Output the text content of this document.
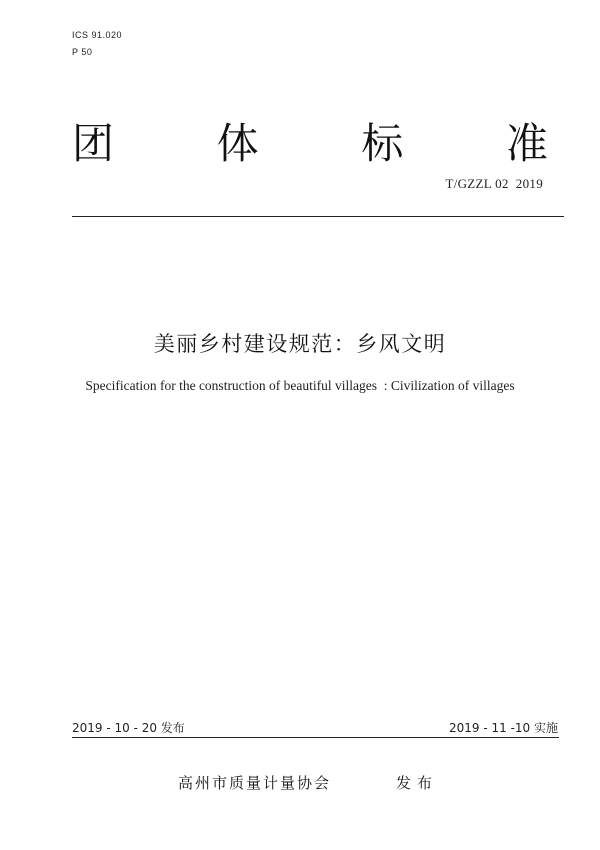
ICS 91.020
P 50
团 体 标 准
T/GZZL 02  2019
美丽乡村建设规范：乡风文明
Specification for the construction of beautiful villages  : Civilization of villages
2019 - 10 - 20 发布	2019 - 11 -10 实施
高州市质量计量协会	发布
